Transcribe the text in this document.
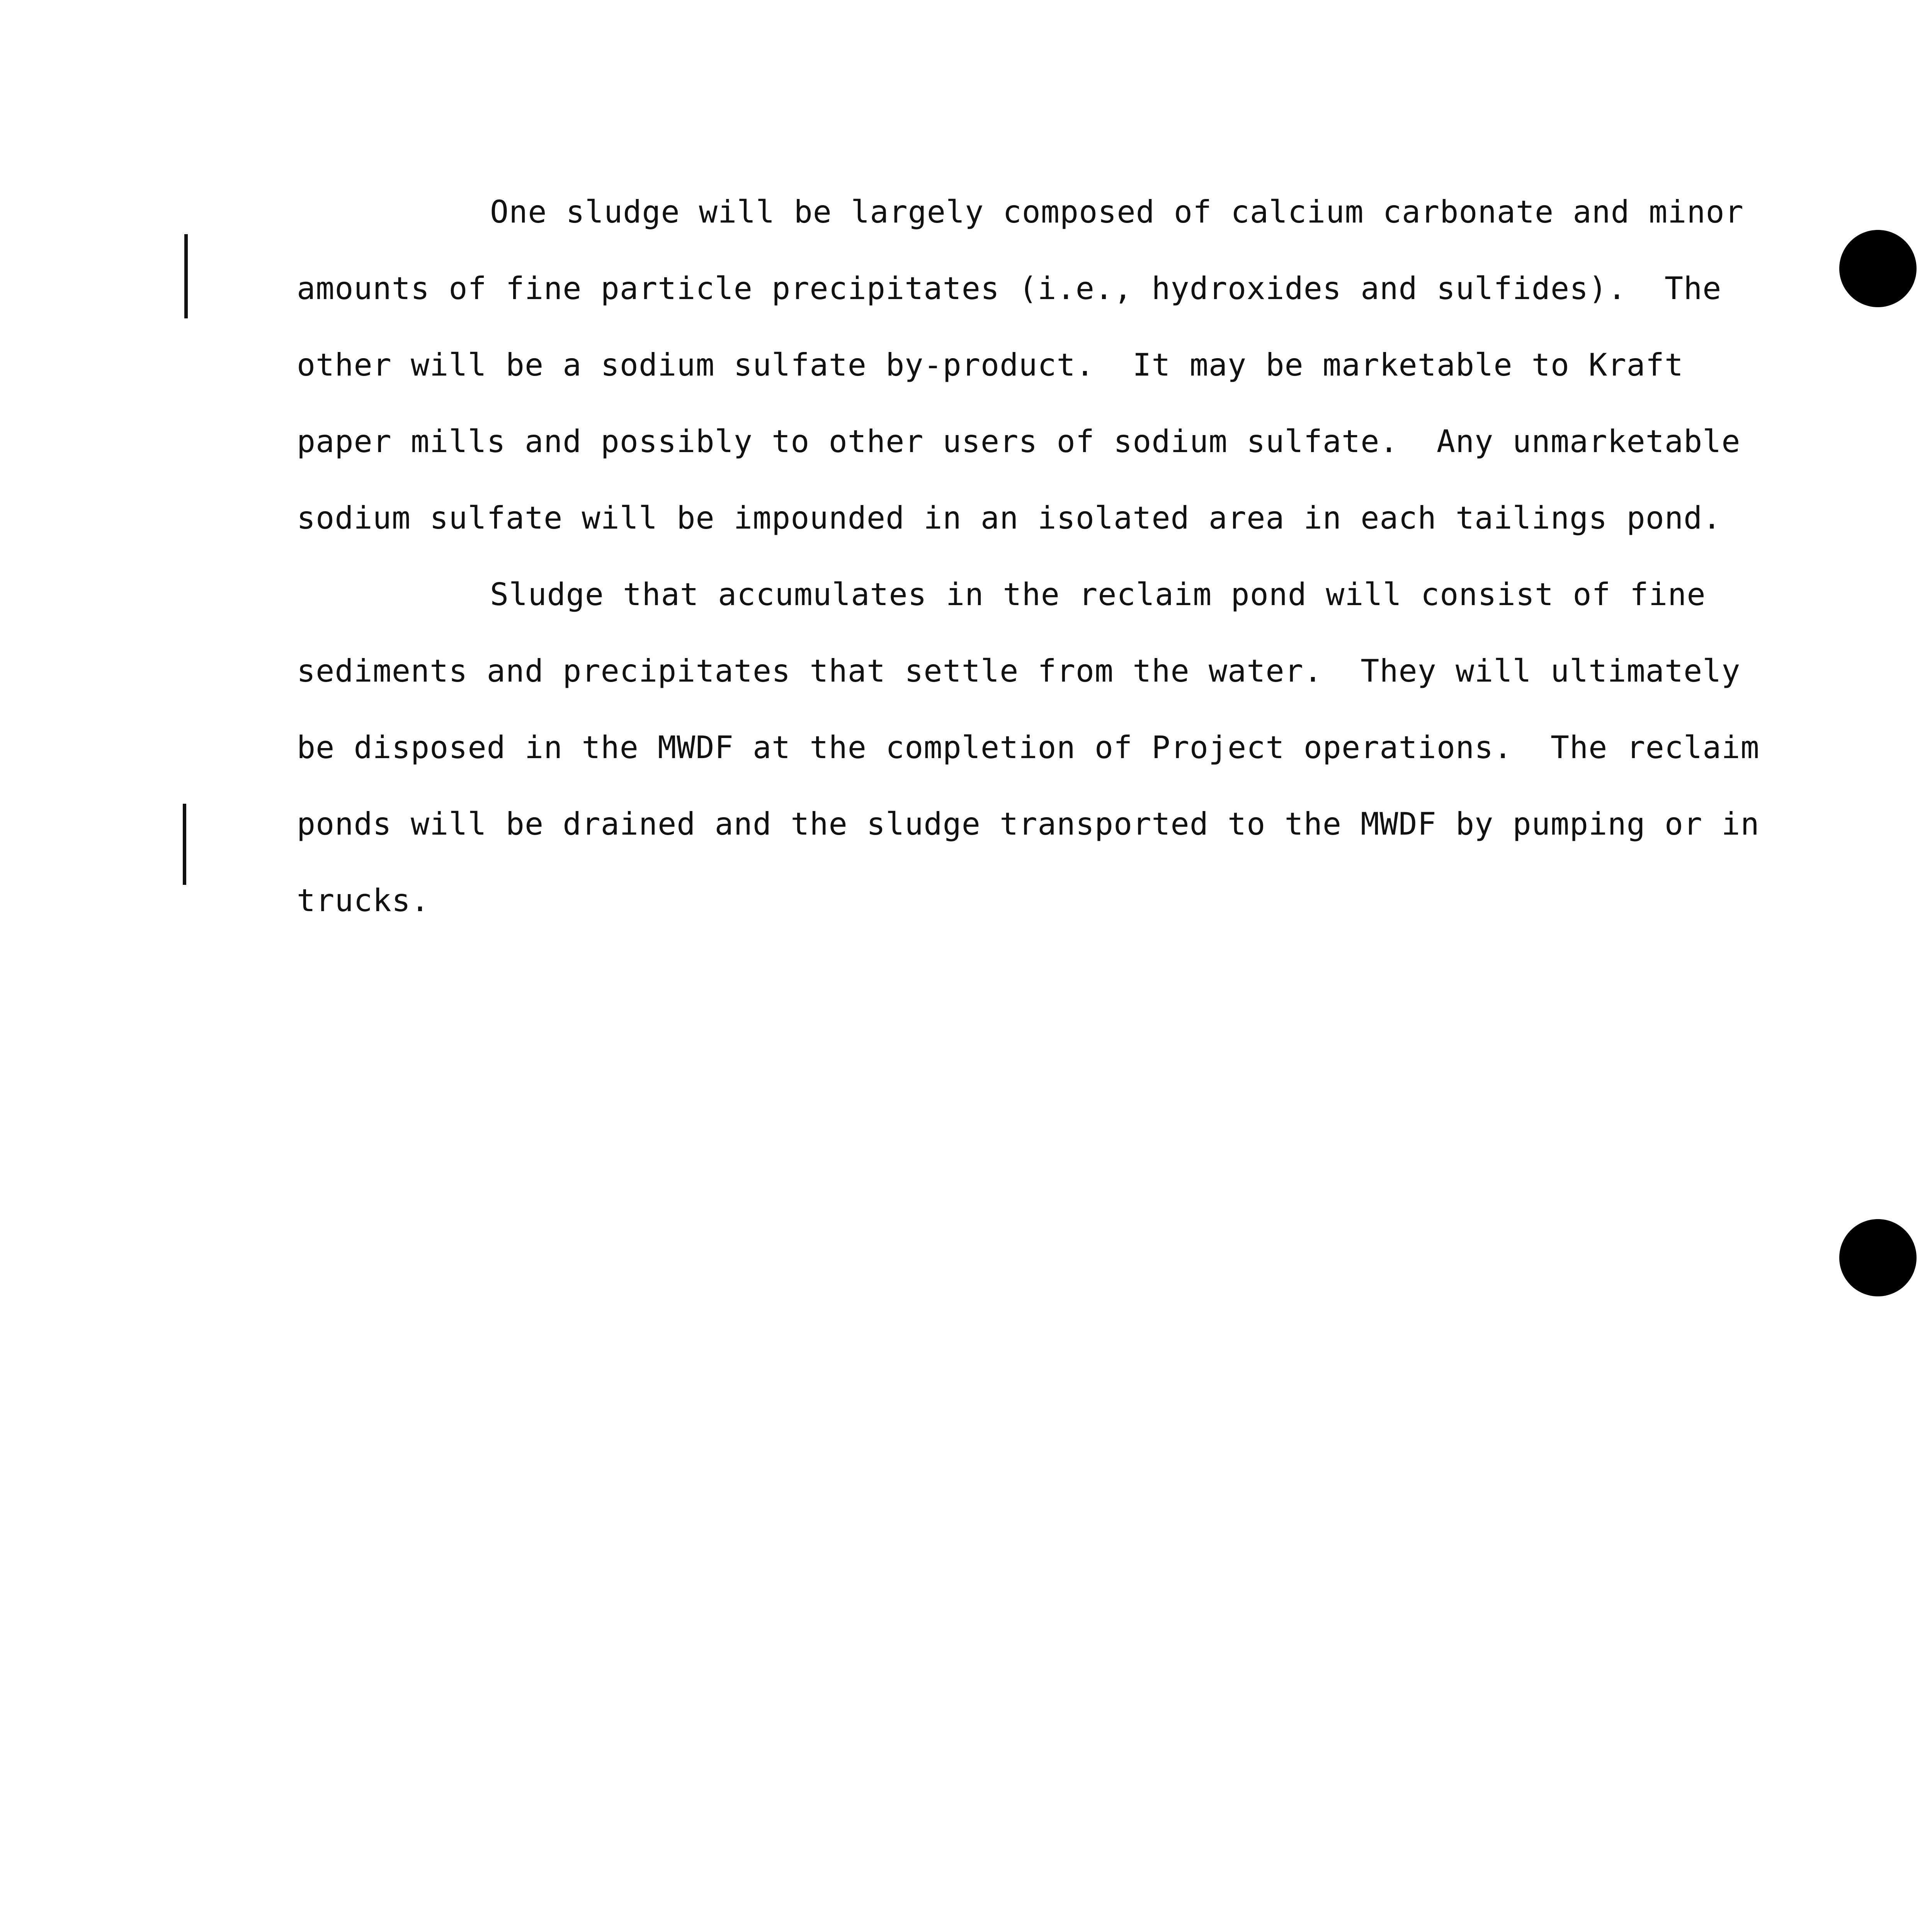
One sludge will be largely composed of calcium carbonate and minor
amounts of fine particle precipitates (i.e., hydroxides and sulfides).  The
other will be a sodium sulfate by-product.  It may be marketable to Kraft
paper mills and possibly to other users of sodium sulfate.  Any unmarketable
sodium sulfate will be impounded in an isolated area in each tailings pond.
Sludge that accumulates in the reclaim pond will consist of fine
sediments and precipitates that settle from the water.  They will ultimately
be disposed in the MWDF at the completion of Project operations.  The reclaim
ponds will be drained and the sludge transported to the MWDF by pumping or in
trucks.
